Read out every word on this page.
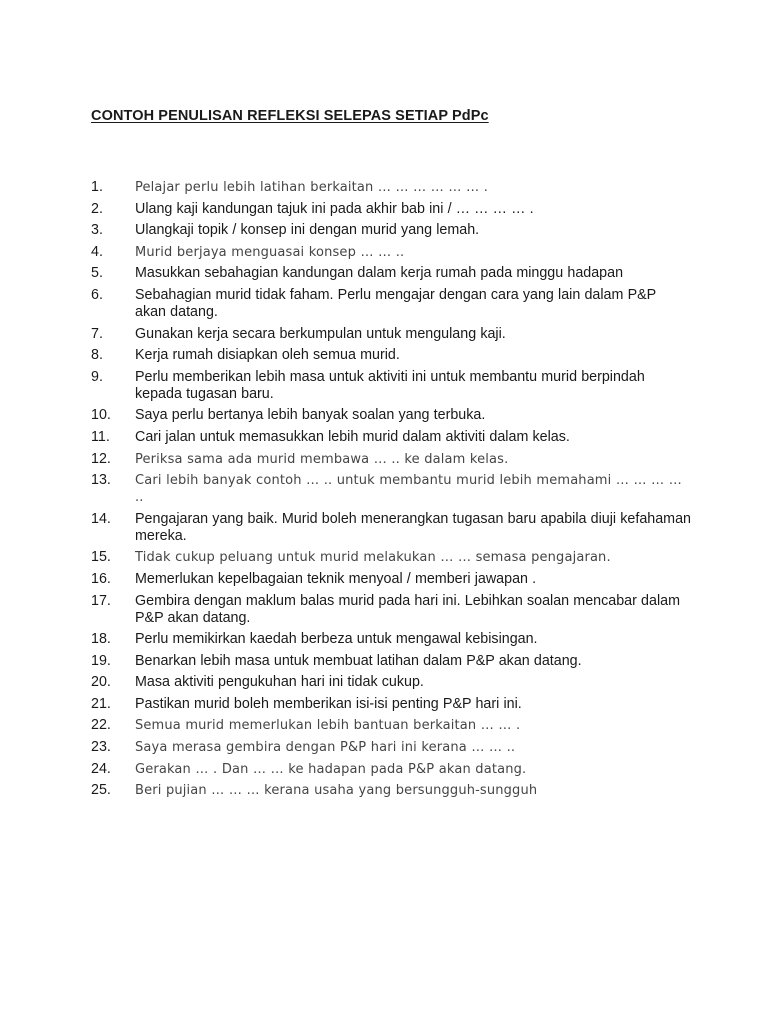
CONTOH PENULISAN REFLEKSI SELEPAS SETIAP PdPc
1.	Pelajar perlu lebih latihan berkaitan … … … … … … .
2.	Ulang kaji kandungan tajuk ini pada akhir bab ini / … … … … .
3.	Ulangkaji topik / konsep ini dengan murid yang lemah.
4.	Murid berjaya menguasai konsep … … ..
5.	Masukkan sebahagian kandungan dalam kerja rumah pada minggu hadapan
6.	Sebahagian murid tidak faham. Perlu mengajar dengan cara yang lain dalam P&P akan datang.
7.	Gunakan kerja secara berkumpulan untuk mengulang kaji.
8.	Kerja rumah disiapkan oleh semua murid.
9.	Perlu memberikan lebih masa untuk aktiviti ini untuk membantu murid berpindah kepada tugasan baru.
10.	Saya perlu bertanya lebih banyak soalan yang terbuka.
11.	Cari jalan untuk memasukkan lebih murid dalam aktiviti dalam kelas.
12.	Periksa sama ada murid membawa … .. ke dalam kelas.
13.	Cari lebih banyak contoh … .. untuk membantu murid lebih memahami … … … … ..
14.	Pengajaran yang baik. Murid boleh menerangkan tugasan baru apabila diuji kefahaman mereka.
15.	Tidak cukup peluang untuk murid melakukan … … semasa pengajaran.
16.	Memerlukan kepelbagaian teknik menyoal / memberi jawapan .
17.	Gembira dengan maklum balas murid pada hari ini. Lebihkan soalan mencabar dalam P&P akan datang.
18.	Perlu memikirkan kaedah berbeza untuk mengawal kebisingan.
19.	Benarkan lebih masa untuk membuat latihan dalam P&P akan datang.
20.	Masa aktiviti pengukuhan hari ini tidak cukup.
21.	Pastikan murid boleh memberikan isi-isi penting P&P hari ini.
22.	Semua murid memerlukan lebih bantuan berkaitan … … .
23.	Saya merasa gembira dengan P&P hari ini kerana … … ..
24.	Gerakan … . Dan … … ke hadapan pada P&P akan datang.
25.	Beri pujian … … … kerana usaha yang bersungguh-sungguh
